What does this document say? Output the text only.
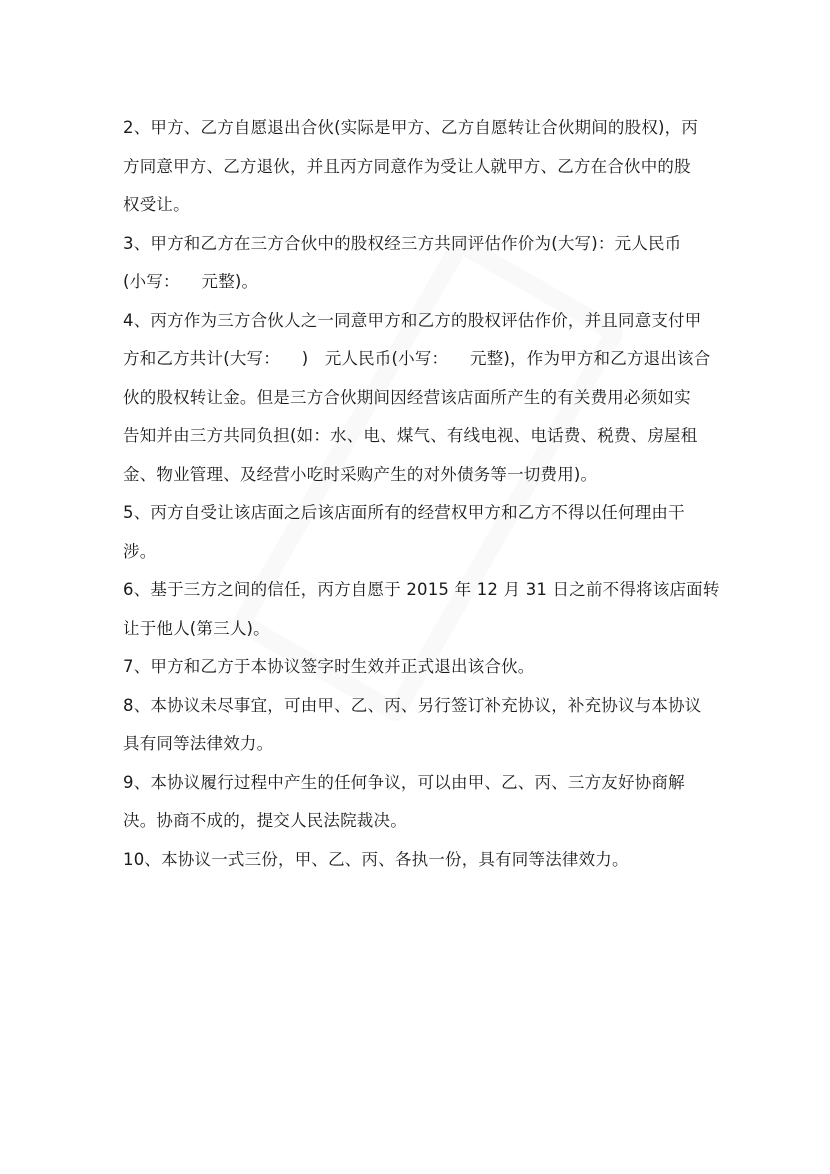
2、甲方、乙方自愿退出合伙(实际是甲方、乙方自愿转让合伙期间的股权)，丙
方同意甲方、乙方退伙，并且丙方同意作为受让人就甲方、乙方在合伙中的股
权受让。
3、甲方和乙方在三方合伙中的股权经三方共同评估作价为(大写)：元人民币
(小写：    元整)。
4、丙方作为三方合伙人之一同意甲方和乙方的股权评估作价，并且同意支付甲
方和乙方共计(大写：    )   元人民币(小写：    元整)，作为甲方和乙方退出该合
伙的股权转让金。但是三方合伙期间因经营该店面所产生的有关费用必须如实
告知并由三方共同负担(如：水、电、煤气、有线电视、电话费、税费、房屋租
金、物业管理、及经营小吃时采购产生的对外债务等一切费用)。
5、丙方自受让该店面之后该店面所有的经营权甲方和乙方不得以任何理由干
涉。
6、基于三方之间的信任，丙方自愿于 2015 年 12 月 31 日之前不得将该店面转
让于他人(第三人)。
7、甲方和乙方于本协议签字时生效并正式退出该合伙。
8、本协议未尽事宜，可由甲、乙、丙、另行签订补充协议，补充协议与本协议
具有同等法律效力。
9、本协议履行过程中产生的任何争议，可以由甲、乙、丙、三方友好协商解
决。协商不成的，提交人民法院裁决。
10、本协议一式三份，甲、乙、丙、各执一份，具有同等法律效力。
